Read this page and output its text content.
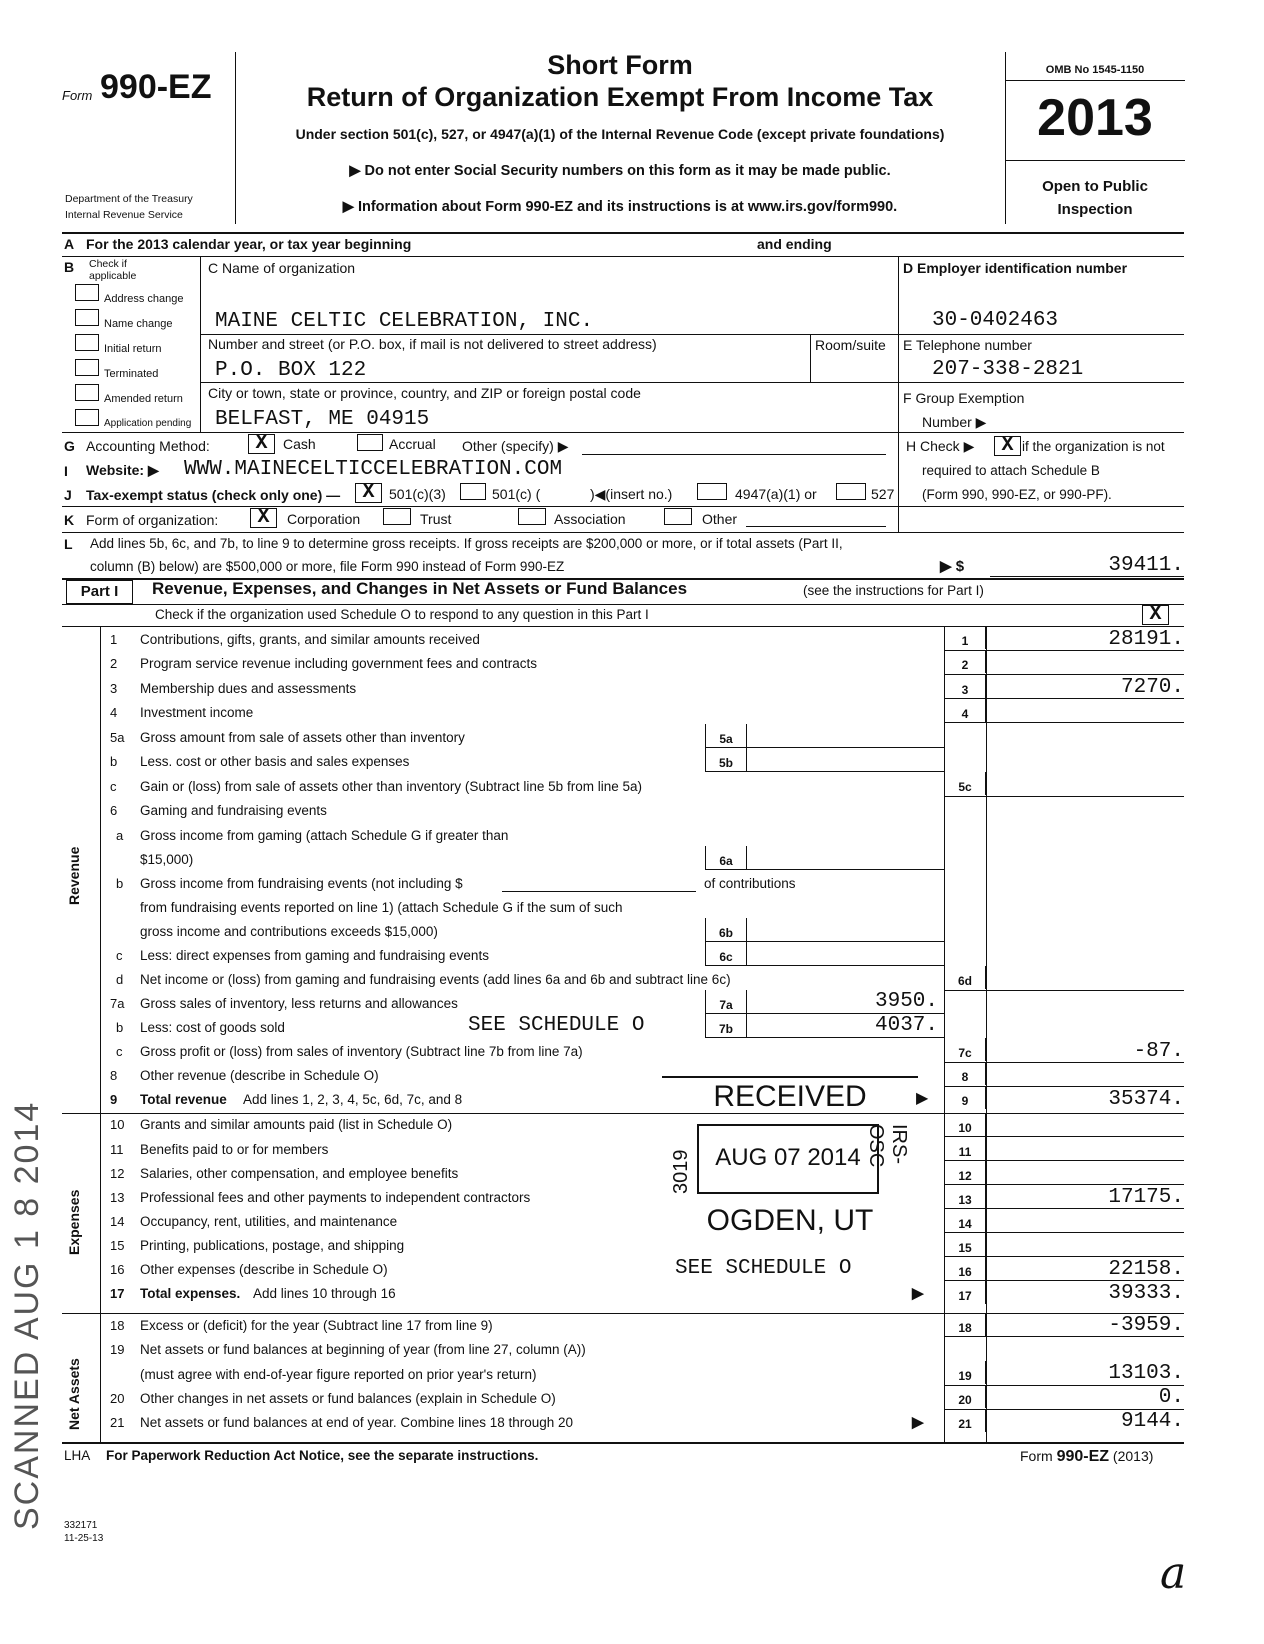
Form 990-EZ
Department of the Treasury
Internal Revenue Service
Short Form
Return of Organization Exempt From Income Tax
Under section 501(c), 527, or 4947(a)(1) of the Internal Revenue Code (except private foundations)
▶ Do not enter Social Security numbers on this form as it may be made public.
▶ Information about Form 990-EZ and its instructions is at www.irs.gov/form990.
OMB No 1545-1150
2013
Open to Public
Inspection
A For the 2013 calendar year, or tax year beginning	and ending
B Check if
applicable
Address change
Name change
Initial return
Terminated
Amended return
Application pending
C Name of organization
MAINE CELTIC CELEBRATION, INC.
Number and street (or P.O. box, if mail is not delivered to street address)	Room/suite
P.O. BOX 122
City or town, state or province, country, and ZIP or foreign postal code
BELFAST, ME 04915
D Employer identification number
30-0402463
E Telephone number
207-338-2821
F Group Exemption
Number ▶
H Check ▶	X if the organization is not
required to attach Schedule B
(Form 990, 990-EZ, or 990-PF).
G Accounting Method:	X	Cash	Accrual Other (specify) ▶
I Website: ▶ WWW.MAINECELTICCELEBRATION.COM
J Tax-exempt status (check only one) —	X	501(c)(3)	501(c) (	)◀(insert no.)	4947(a)(1) or	527
K Form of organization:	X	Corporation	Trust	Association	Other
L Add lines 5b, 6c, and 7b, to line 9 to determine gross receipts. If gross receipts are $200,000 or more, or if total assets (Part II,
column (B) below) are $500,000 or more, file Form 990 instead of Form 990-EZ	▶ $	39411.
Part I	Revenue, Expenses, and Changes in Net Assets or Fund Balances	(see the instructions for Part I)
Check if the organization used Schedule O to respond to any question in this Part I	X
Revenue
Expenses
Net Assets
1	Contributions, gifts, grants, and similar amounts received	1	28191.
2	Program service revenue including government fees and contracts	2
3	Membership dues and assessments	3	7270.
4	Investment income	4
5a	Gross amount from sale of assets other than inventory	5a
b	Less. cost or other basis and sales expenses	5b
c	Gain or (loss) from sale of assets other than inventory (Subtract line 5b from line 5a)	5c
6	Gaming and fundraising events
a	Gross income from gaming (attach Schedule G if greater than
$15,000)	6a
b	Gross income from fundraising events (not including $	of contributions
from fundraising events reported on line 1) (attach Schedule G if the sum of such
gross income and contributions exceeds $15,000)	6b
c	Less: direct expenses from gaming and fundraising events	6c
d	Net income or (loss) from gaming and fundraising events (add lines 6a and 6b and subtract line 6c)	6d
7a	Gross sales of inventory, less returns and allowances	7a	3950.
b	Less: cost of goods sold	SEE SCHEDULE O	7b	4037.
c	Gross profit or (loss) from sales of inventory (Subtract line 7b from line 7a)	7c	-87.
8	Other revenue (describe in Schedule O)	8
9	Total revenue Add lines 1, 2, 3, 4, 5c, 6d, 7c, and 8	9	35374.
10	Grants and similar amounts paid (list in Schedule O)	10
11	Benefits paid to or for members	11
12	Salaries, other compensation, and employee benefits	12
13	Professional fees and other payments to independent contractors	13	17175.
14	Occupancy, rent, utilities, and maintenance	14
15	Printing, publications, postage, and shipping	15
16	Other expenses (describe in Schedule O)	SEE SCHEDULE O	16	22158.
17	Total expenses. Add lines 10 through 16	▶	17	39333.
18	Excess or (deficit) for the year (Subtract line 17 from line 9)	18	-3959.
19	Net assets or fund balances at beginning of year (from line 27, column (A))
(must agree with end-of-year figure reported on prior year's return)	19	13103.
20	Other changes in net assets or fund balances (explain in Schedule O)	20	0.
21	Net assets or fund balances at end of year. Combine lines 18 through 20	▶	21	9144.
RECEIVED
AUG 07 2014
3019
IRS-OSC
OGDEN, UT
▶
SCANNED AUG 1 8 2014 LHA For Paperwork Reduction Act Notice, see the separate instructions.	Form 990-EZ (2013)
332171
11-25-13
a
